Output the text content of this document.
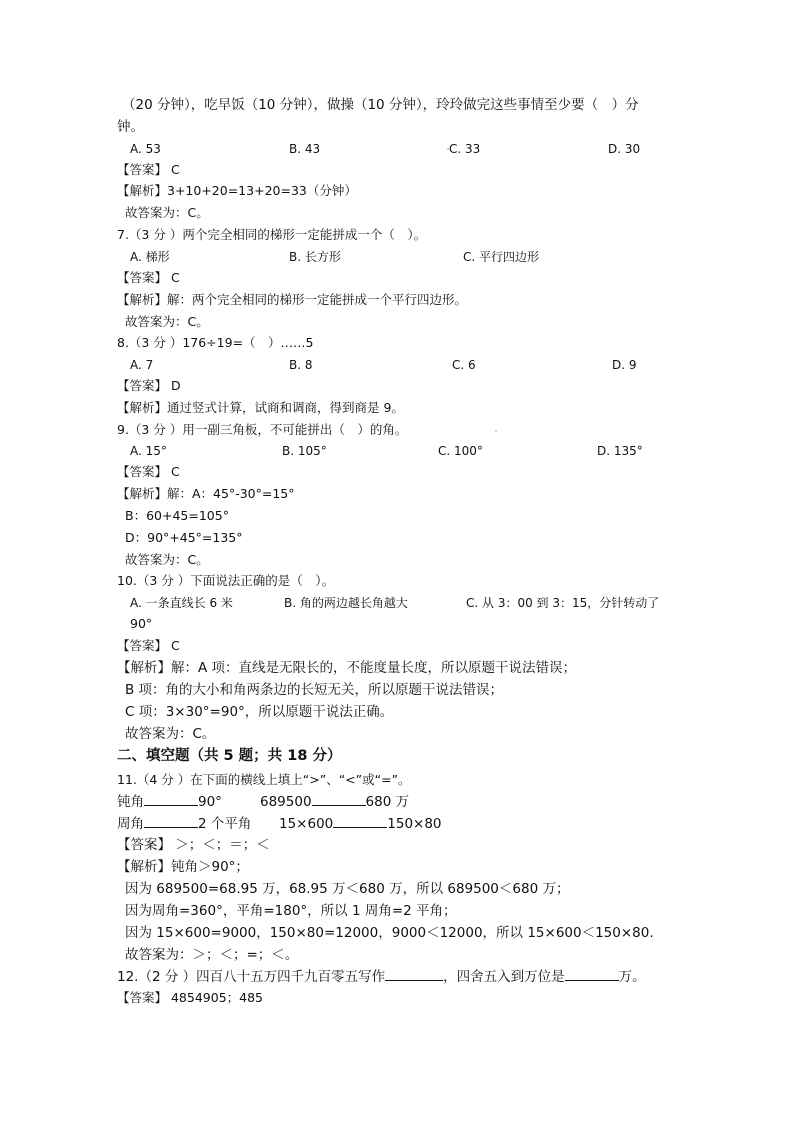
（20 分钟），吃早饭（10 分钟），做操（10 分钟），玲玲做完这些事情至少要（　）分
钟。
A. 53	B. 43	C. 33	D. 30
【答案】 C
【解析】3+10+20=13+20=33（分钟）
故答案为：C。
7.（3 分 ）两个完全相同的梯形一定能拼成一个（　）。
A. 梯形	B. 长方形	C. 平行四边形
【答案】 C
【解析】解：两个完全相同的梯形一定能拼成一个平行四边形。
故答案为：C。
8.（3 分 ）176÷19=（　）……5
A. 7	B. 8	C. 6	D. 9
【答案】 D
【解析】通过竖式计算，试商和调商，得到商是 9。
9.（3 分 ）用一副三角板，不可能拼出（　）的角。
A. 15°	B. 105°	C. 100°	D. 135°
【答案】 C
【解析】解：A：45°-30°=15°
B：60+45=105°
D：90°+45°=135°
故答案为：C。
10.（3 分 ）下面说法正确的是（　）。
A. 一条直线长 6 米	B. 角的两边越长角越大	C. 从 3：00 到 3：15，分针转动了
90°
【答案】 C
【解析】解：A 项：直线是无限长的，不能度量长度，所以原题干说法错误；
B 项：角的大小和角两条边的长短无关，所以原题干说法错误；
C 项：3×30°=90°，所以原题干说法正确。
故答案为：C。
二、填空题（共 5 题；共 18 分）
11.（4 分 ）在下面的横线上填上“>”、“<”或“=”。
钝角	90°	689500	680 万
周角	2 个平角 15×600	150×80
【答案】 ＞；＜；＝；＜
【解析】钝角＞90°；
因为 689500=68.95 万，68.95 万＜680 万，所以 689500＜680 万；
因为周角=360°，平角=180°，所以 1 周角=2 平角；
因为 15×600=9000，150×80=12000，9000＜12000，所以 15×600＜150×80.
故答案为：＞；＜；=；＜。
12.（2 分 ）四百八十五万四千九百零五写作	，四舍五入到万位是	万。
【答案】 4854905；485
